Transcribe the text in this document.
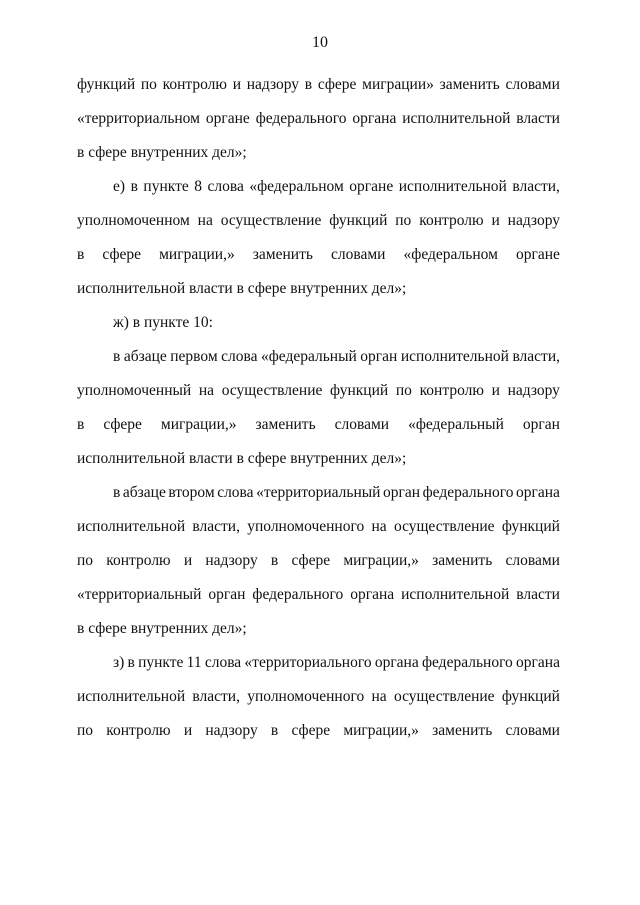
10
функций по контролю и надзору в сфере миграции» заменить словами
«территориальном органе федерального органа исполнительной власти
в сфере внутренних дел»;
е) в пункте 8 слова «федеральном органе исполнительной власти,
уполномоченном на осуществление функций по контролю и надзору
в сфере миграции,» заменить словами «федеральном органе
исполнительной власти в сфере внутренних дел»;
ж) в пункте 10:
в абзаце первом слова «федеральный орган исполнительной власти,
уполномоченный на осуществление функций по контролю и надзору
в сфере миграции,» заменить словами «федеральный орган
исполнительной власти в сфере внутренних дел»;
в абзаце втором слова «территориальный орган федерального органа
исполнительной власти, уполномоченного на осуществление функций
по контролю и надзору в сфере миграции,» заменить словами
«территориальный орган федерального органа исполнительной власти
в сфере внутренних дел»;
з) в пункте 11 слова «территориального органа федерального органа
исполнительной власти, уполномоченного на осуществление функций
по контролю и надзору в сфере миграции,» заменить словами
